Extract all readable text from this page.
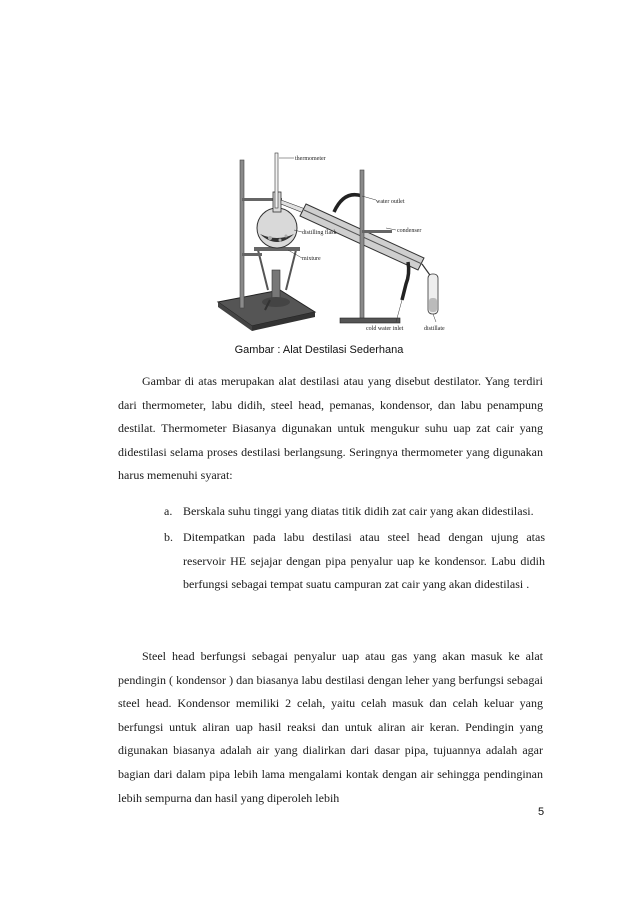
thermometer
water outlet
condenser
distilling flask
mixture
cold water inlet	distillate
Gambar : Alat Destilasi Sederhana

Gambar di atas merupakan alat destilasi atau yang disebut destilator. Yang terdiri dari thermometer, labu didih, steel head, pemanas, kondensor, dan labu penampung destilat. Thermometer Biasanya digunakan untuk mengukur suhu uap zat cair yang didestilasi selama proses destilasi berlangsung. Seringnya thermometer yang digunakan harus memenuhi syarat:

a. Berskala suhu tinggi yang diatas titik didih zat cair yang akan didestilasi.
b. Ditempatkan pada labu destilasi atau steel head dengan ujung atas reservoir HE sejajar dengan pipa penyalur uap ke kondensor. Labu didih berfungsi sebagai tempat suatu campuran zat cair yang akan didestilasi .

Steel head berfungsi sebagai penyalur uap atau gas yang akan masuk ke alat pendingin ( kondensor ) dan biasanya labu destilasi dengan leher yang berfungsi sebagai steel head. Kondensor memiliki 2 celah, yaitu celah masuk dan celah keluar yang berfungsi untuk aliran uap hasil reaksi dan untuk aliran air keran. Pendingin yang digunakan biasanya adalah air yang dialirkan dari dasar pipa, tujuannya adalah agar bagian dari dalam pipa lebih lama mengalami kontak dengan air sehingga pendinginan lebih sempurna dan hasil yang diperoleh lebih

5
